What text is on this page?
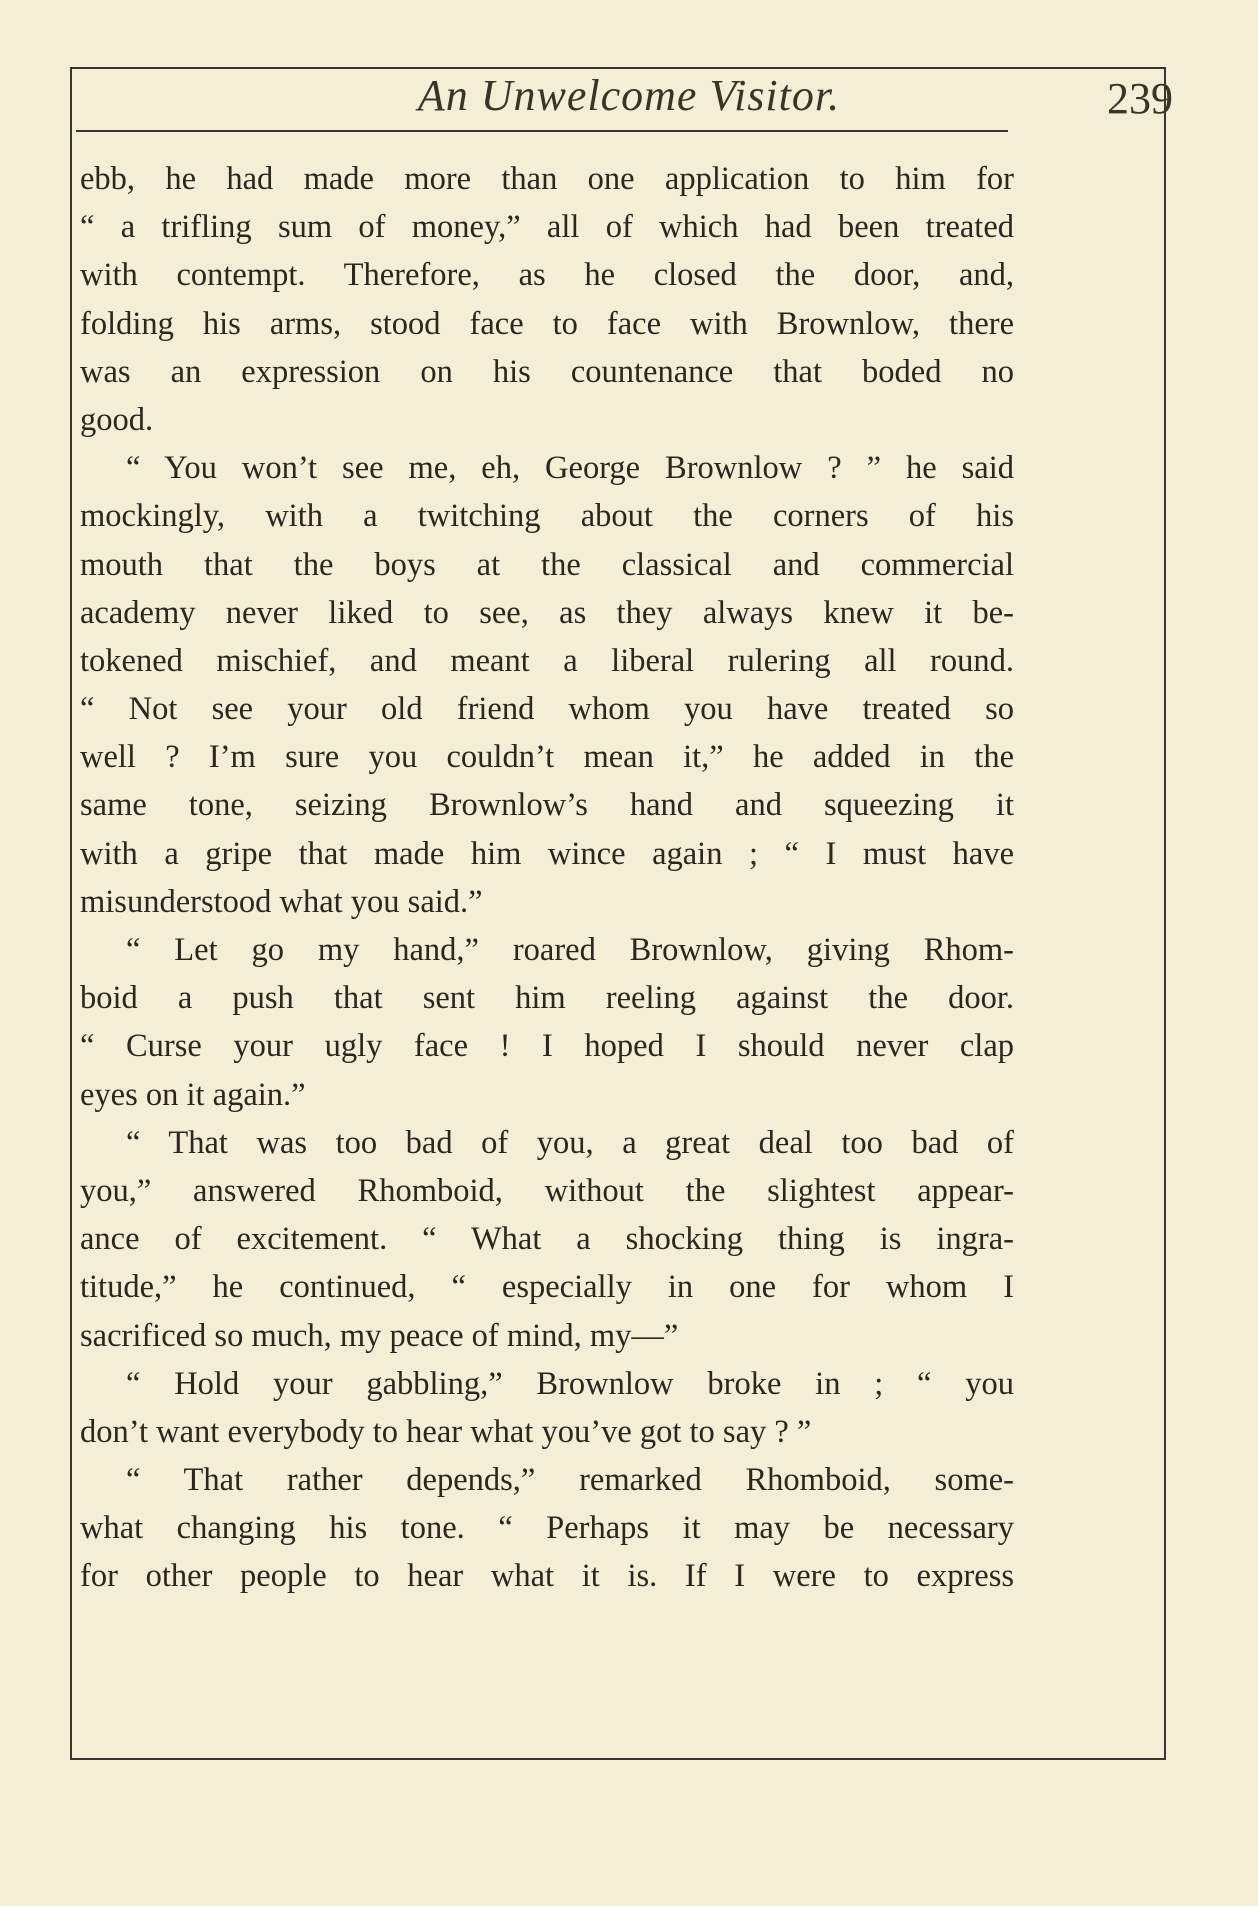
An Unwelcome Visitor.	239
ebb, he had made more than one application to him for
“ a trifling sum of money,” all of which had been treated
with contempt. Therefore, as he closed the door, and,
folding his arms, stood face to face with Brownlow, there
was an expression on his countenance that boded no
good.
“ You won’t see me, eh, George Brownlow ? ” he said
mockingly, with a twitching about the corners of his
mouth that the boys at the classical and commercial
academy never liked to see, as they always knew it be-
tokened mischief, and meant a liberal rulering all round.
“ Not see your old friend whom you have treated so
well ? I’m sure you couldn’t mean it,” he added in the
same tone, seizing Brownlow’s hand and squeezing it
with a gripe that made him wince again ; “ I must have
misunderstood what you said.”
“ Let go my hand,” roared Brownlow, giving Rhom-
boid a push that sent him reeling against the door.
“ Curse your ugly face ! I hoped I should never clap
eyes on it again.”
“ That was too bad of you, a great deal too bad of
you,” answered Rhomboid, without the slightest appear-
ance of excitement. “ What a shocking thing is ingra-
titude,” he continued, “ especially in one for whom I
sacrificed so much, my peace of mind, my—”
“ Hold your gabbling,” Brownlow broke in ; “ you
don’t want everybody to hear what you’ve got to say ? ”
“ That rather depends,” remarked Rhomboid, some-
what changing his tone. “ Perhaps it may be necessary
for other people to hear what it is. If I were to express
